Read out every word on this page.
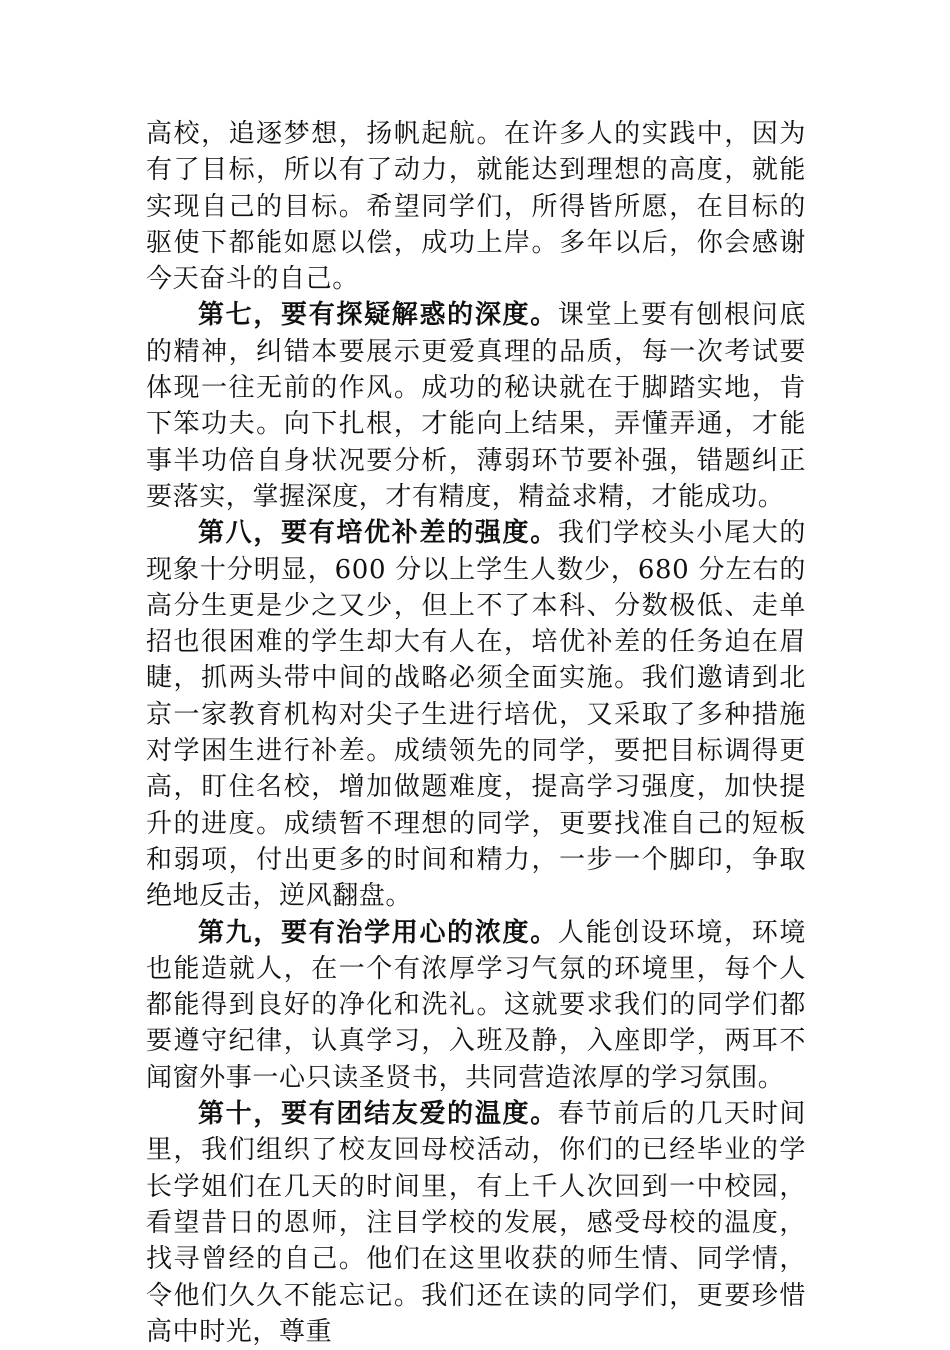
高校，追逐梦想，扬帆起航。在许多人的实践中，因为有了目标，所以有了动力，就能达到理想的高度，就能实现自己的目标。希望同学们，所得皆所愿，在目标的驱使下都能如愿以偿，成功上岸。多年以后，你会感谢今天奋斗的自己。

第七，要有探疑解惑的深度。课堂上要有刨根问底的精神，纠错本要展示更爱真理的品质，每一次考试要体现一往无前的作风。成功的秘诀就在于脚踏实地，肯下笨功夫。向下扎根，才能向上结果，弄懂弄通，才能事半功倍自身状况要分析，薄弱环节要补强，错题纠正要落实，掌握深度，才有精度，精益求精，才能成功。

第八，要有培优补差的强度。我们学校头小尾大的现象十分明显，600 分以上学生人数少，680 分左右的高分生更是少之又少，但上不了本科、分数极低、走单招也很困难的学生却大有人在，培优补差的任务迫在眉睫，抓两头带中间的战略必须全面实施。我们邀请到北京一家教育机构对尖子生进行培优，又采取了多种措施对学困生进行补差。成绩领先的同学，要把目标调得更高，盯住名校，增加做题难度，提高学习强度，加快提升的进度。成绩暂不理想的同学，更要找准自己的短板和弱项，付出更多的时间和精力，一步一个脚印，争取绝地反击，逆风翻盘。

第九，要有治学用心的浓度。人能创设环境，环境也能造就人，在一个有浓厚学习气氛的环境里，每个人都能得到良好的净化和洗礼。这就要求我们的同学们都要遵守纪律，认真学习，入班及静，入座即学，两耳不闻窗外事一心只读圣贤书，共同营造浓厚的学习氛围。

第十，要有团结友爱的温度。春节前后的几天时间里，我们组织了校友回母校活动，你们的已经毕业的学长学姐们在几天的时间里，有上千人次回到一中校园，看望昔日的恩师，注目学校的发展，感受母校的温度，找寻曾经的自己。他们在这里收获的师生情、同学情，令他们久久不能忘记。我们还在读的同学们，更要珍惜高中时光，尊重
